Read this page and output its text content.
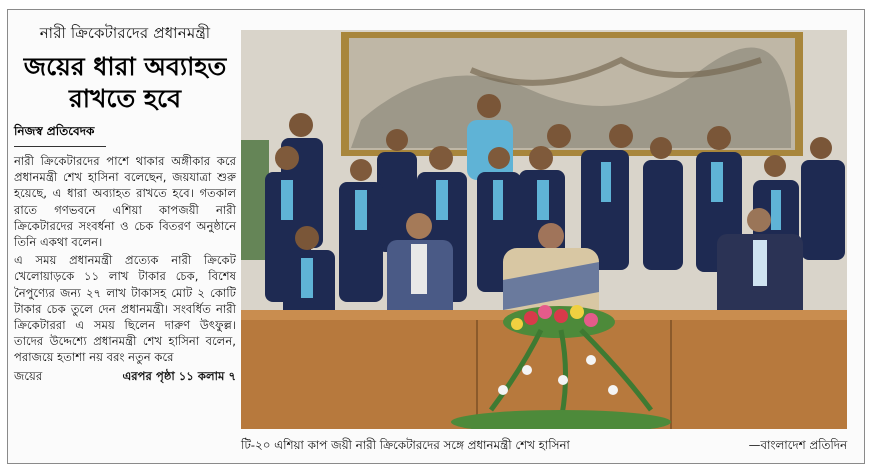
নারী ক্রিকেটারদের প্রধানমন্ত্রী
জয়ের ধারা অব্যাহত
রাখতে হবে
নিজস্ব প্রতিবেদক

নারী ক্রিকেটারদের পাশে থাকার অঙ্গীকার করে প্রধানমন্ত্রী শেখ হাসিনা বলেছেন, জয়যাত্রা শুরু হয়েছে, এ ধারা অব্যাহত রাখতে হবে। গতকাল রাতে গণভবনে এশিয়া কাপজয়ী নারী ক্রিকেটারদের সংবর্ধনা ও চেক বিতরণ অনুষ্ঠানে তিনি একথা বলেন।

এ সময় প্রধানমন্ত্রী প্রত্যেক নারী ক্রিকেট খেলোয়াড়কে ১১ লাখ টাকার চেক, বিশেষ নৈপুণ্যের জন্য ২৭ লাখ টাকাসহ মোট ২ কোটি টাকার চেক তুলে দেন প্রধানমন্ত্রী। সংবর্ধিত নারী ক্রিকেটাররা এ সময় ছিলেন দারুণ উৎফুল্ল। তাদের উদ্দেশ্যে প্রধানমন্ত্রী শেখ হাসিনা বলেন, পরাজয়ে হতাশা নয় বরং নতুন করে

জয়ের	এরপর পৃষ্ঠা ১১ কলাম ৭
টি-২০ এশিয়া কাপ জয়ী নারী ক্রিকেটারদের সঙ্গে প্রধানমন্ত্রী শেখ হাসিনা	—বাংলাদেশ প্রতিদিন
